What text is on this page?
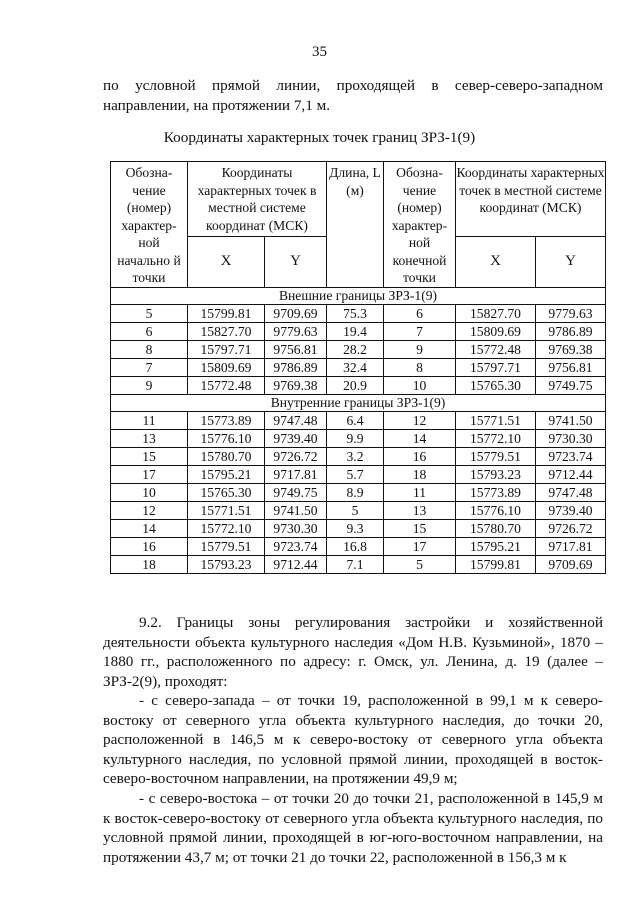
35
по условной прямой линии, проходящей в север-северо-западном направлении, на протяжении 7,1 м.
Координаты характерных точек границ ЗРЗ-1(9)
Обозна-чение (номер) характер-ной начально й точки	Координаты характерных точек в местной системе координат (МСК)		Длина, L (м)	Обозна-чение (номер) характер-ной конечной точки	Координаты характерных точек в местной системе координат (МСК)	
	X	Y			X	Y
Внешние границы ЗРЗ-1(9)						
5	15799.81	9709.69	75.3	6	15827.70	9779.63
6	15827.70	9779.63	19.4	7	15809.69	9786.89
8	15797.71	9756.81	28.2	9	15772.48	9769.38
7	15809.69	9786.89	32.4	8	15797.71	9756.81
9	15772.48	9769.38	20.9	10	15765.30	9749.75
Внутренние границы ЗРЗ-1(9)						
11	15773.89	9747.48	6.4	12	15771.51	9741.50
13	15776.10	9739.40	9.9	14	15772.10	9730.30
15	15780.70	9726.72	3.2	16	15779.51	9723.74
17	15795.21	9717.81	5.7	18	15793.23	9712.44
10	15765.30	9749.75	8.9	11	15773.89	9747.48
12	15771.51	9741.50	5	13	15776.10	9739.40
14	15772.10	9730.30	9.3	15	15780.70	9726.72
16	15779.51	9723.74	16.8	17	15795.21	9717.81
18	15793.23	9712.44	7.1	5	15799.81	9709.69
9.2. Границы зоны регулирования застройки и хозяйственной деятельности объекта культурного наследия «Дом Н.В. Кузьминой», 1870 – 1880 гг., расположенного по адресу: г. Омск, ул. Ленина, д. 19 (далее – ЗРЗ-2(9), проходят:
- с северо-запада – от точки 19, расположенной в 99,1 м к северо-востоку от северного угла объекта культурного наследия, до точки 20, расположенной в 146,5 м к северо-востоку от северного угла объекта культурного наследия, по условной прямой линии, проходящей в восток-северо-восточном направлении, на протяжении 49,9 м;
- с северо-востока – от точки 20 до точки 21, расположенной в 145,9 м к восток-северо-востоку от северного угла объекта культурного наследия, по условной прямой линии, проходящей в юг-юго-восточном направлении, на протяжении 43,7 м; от точки 21 до точки 22, расположенной в 156,3 м к
